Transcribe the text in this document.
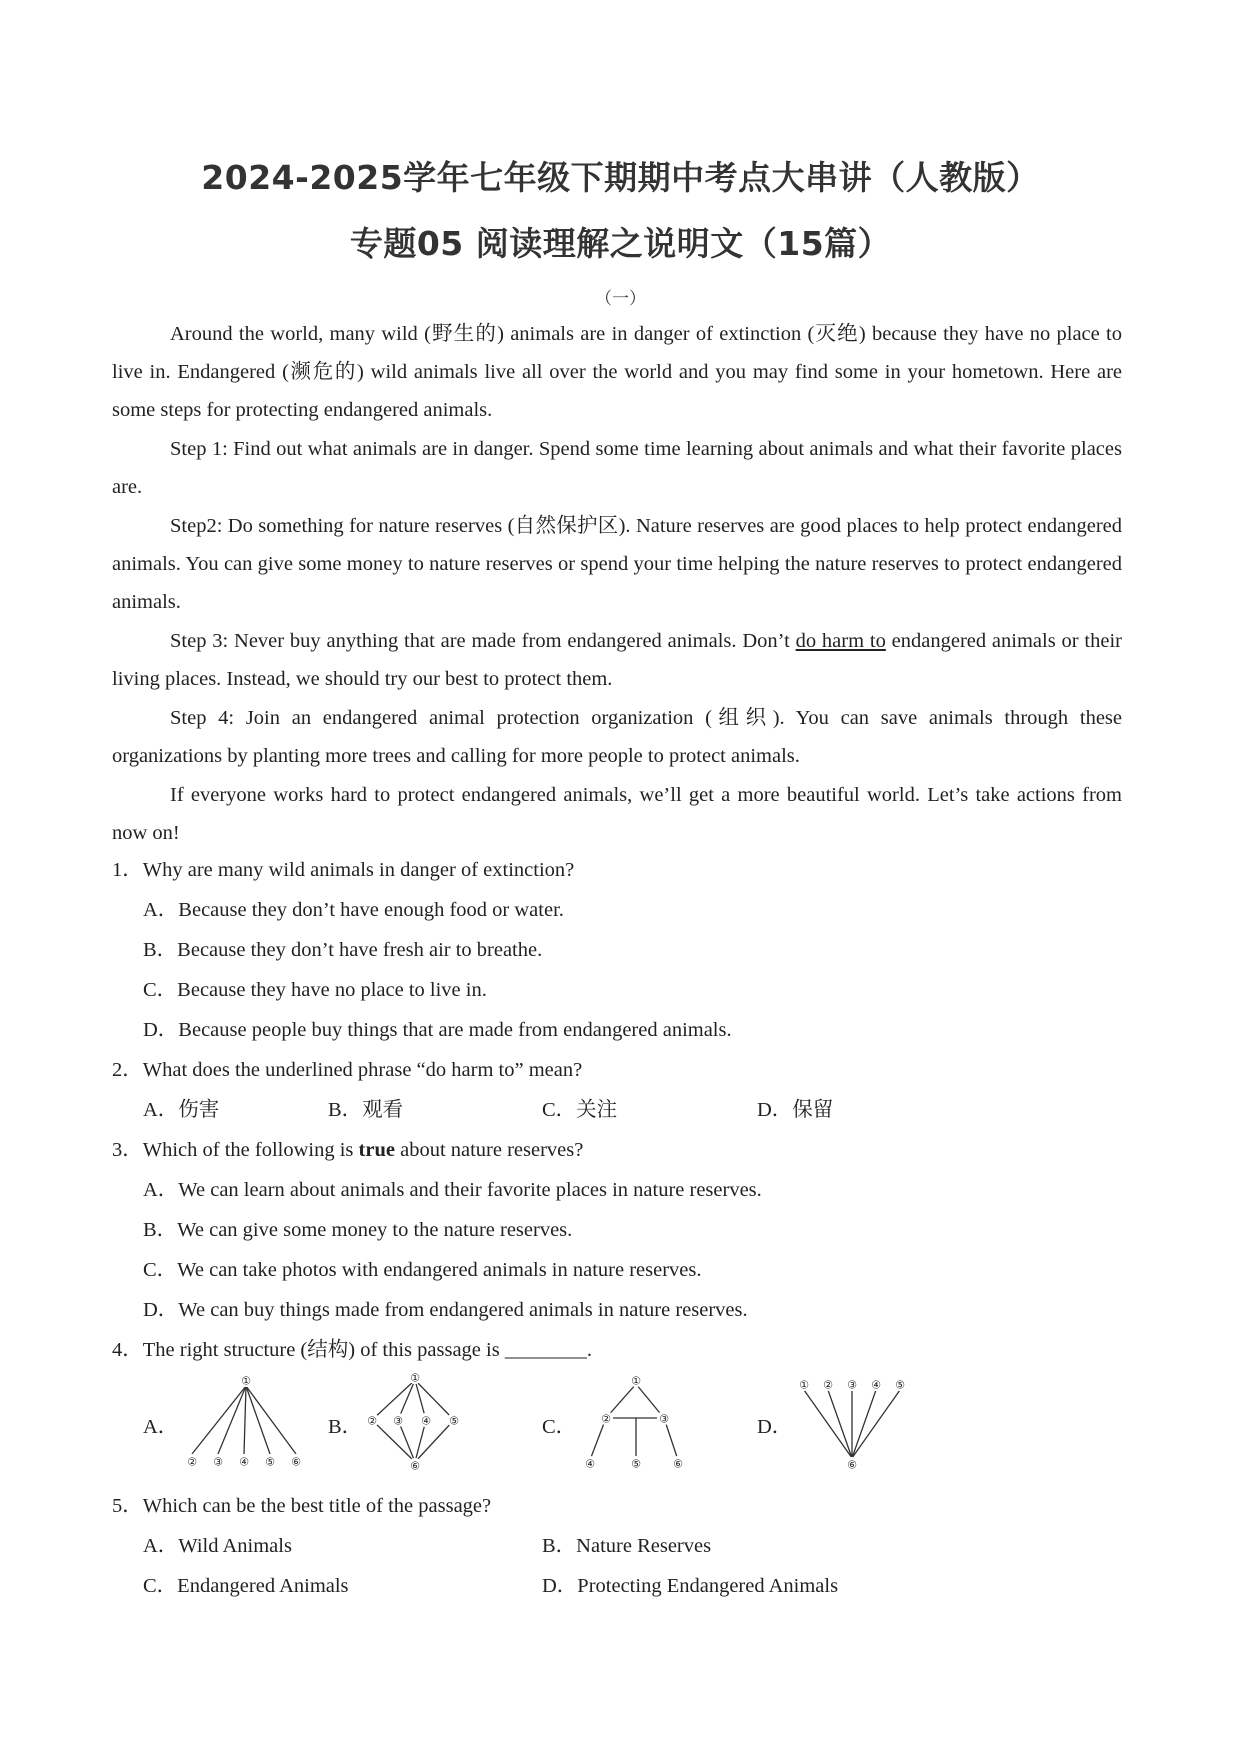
2024-2025学年七年级下期期中考点大串讲（人教版）
专题05 阅读理解之说明文（15篇）
（一）
Around the world, many wild (野生的) animals are in danger of extinction (灭绝) because they have no place to live in. Endangered (濒危的) wild animals live all over the world and you may find some in your hometown. Here are some steps for protecting endangered animals.
Step 1: Find out what animals are in danger. Spend some time learning about animals and what their favorite places are.
Step2: Do something for nature reserves (自然保护区). Nature reserves are good places to help protect endangered animals. You can give some money to nature reserves or spend your time helping the nature reserves to protect endangered animals.
Step 3: Never buy anything that are made from endangered animals. Don’t do harm to endangered animals or their living places. Instead, we should try our best to protect them.
Step 4: Join an endangered animal protection organization (组织). You can save animals through these organizations by planting more trees and calling for more people to protect animals.
If everyone works hard to protect endangered animals, we’ll get a more beautiful world. Let’s take actions from now on!
1．Why are many wild animals in danger of extinction?
A．Because they don’t have enough food or water.
B．Because they don’t have fresh air to breathe.
C．Because they have no place to live in.
D．Because people buy things that are made from endangered animals.
2．What does the underlined phrase “do harm to” mean?
A．伤害	B．观看	C．关注	D．保留
3．Which of the following is true about nature reserves?
A．We can learn about animals and their favorite places in nature reserves.
B．We can give some money to the nature reserves.
C．We can take photos with endangered animals in nature reserves.
D．We can buy things made from endangered animals in nature reserves.
4．The right structure (结构) of this passage is ________.
A．	B．	C．	D．
①
② ③ ④ ⑤ ⑥
①
② ③ ④ ⑤
⑥
①
②	③
④	⑤	⑥
① ② ③ ④ ⑤
⑥
5．Which can be the best title of the passage?
A．Wild Animals	B．Nature Reserves
C．Endangered Animals	D．Protecting Endangered Animals
